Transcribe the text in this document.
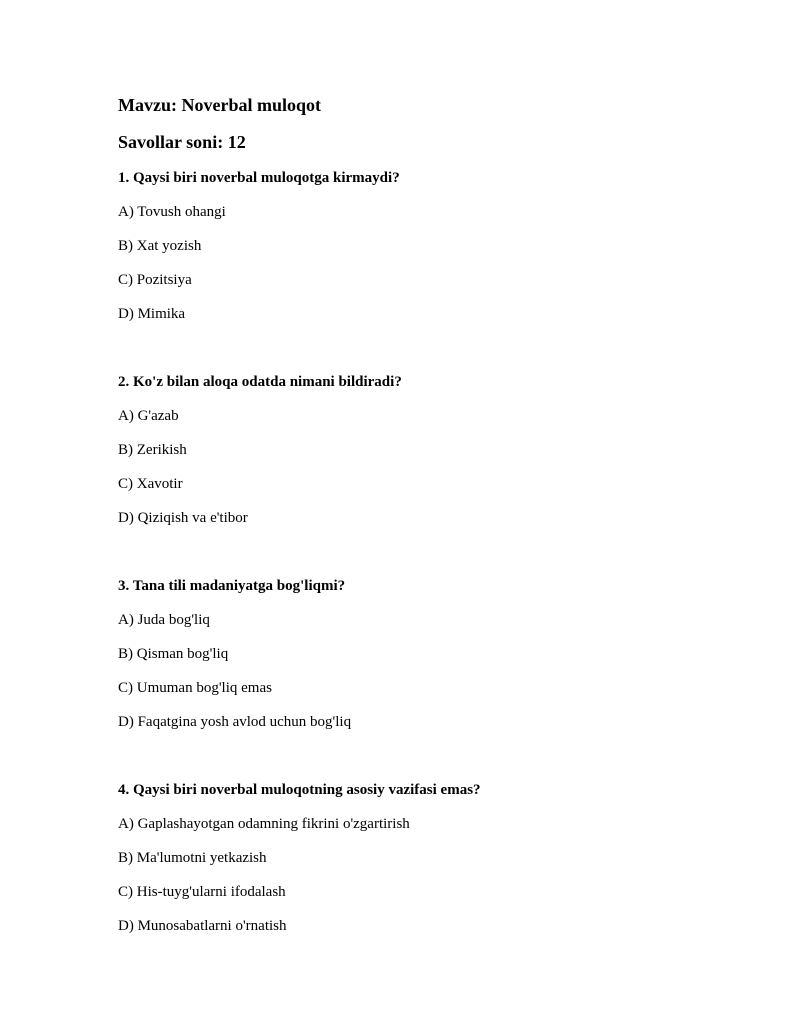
Mavzu: Noverbal muloqot

Savollar soni: 12

1. Qaysi biri noverbal muloqotga kirmaydi?

A) Tovush ohangi

B) Xat yozish

C) Pozitsiya

D) Mimika

2. Ko'z bilan aloqa odatda nimani bildiradi?

A) G'azab

B) Zerikish

C) Xavotir

D) Qiziqish va e'tibor

3. Tana tili madaniyatga bog'liqmi?

A) Juda bog'liq

B) Qisman bog'liq

C) Umuman bog'liq emas

D) Faqatgina yosh avlod uchun bog'liq

4. Qaysi biri noverbal muloqotning asosiy vazifasi emas?

A) Gaplashayotgan odamning fikrini o'zgartirish

B) Ma'lumotni yetkazish

C) His-tuyg'ularni ifodalash

D) Munosabatlarni o'rnatish
